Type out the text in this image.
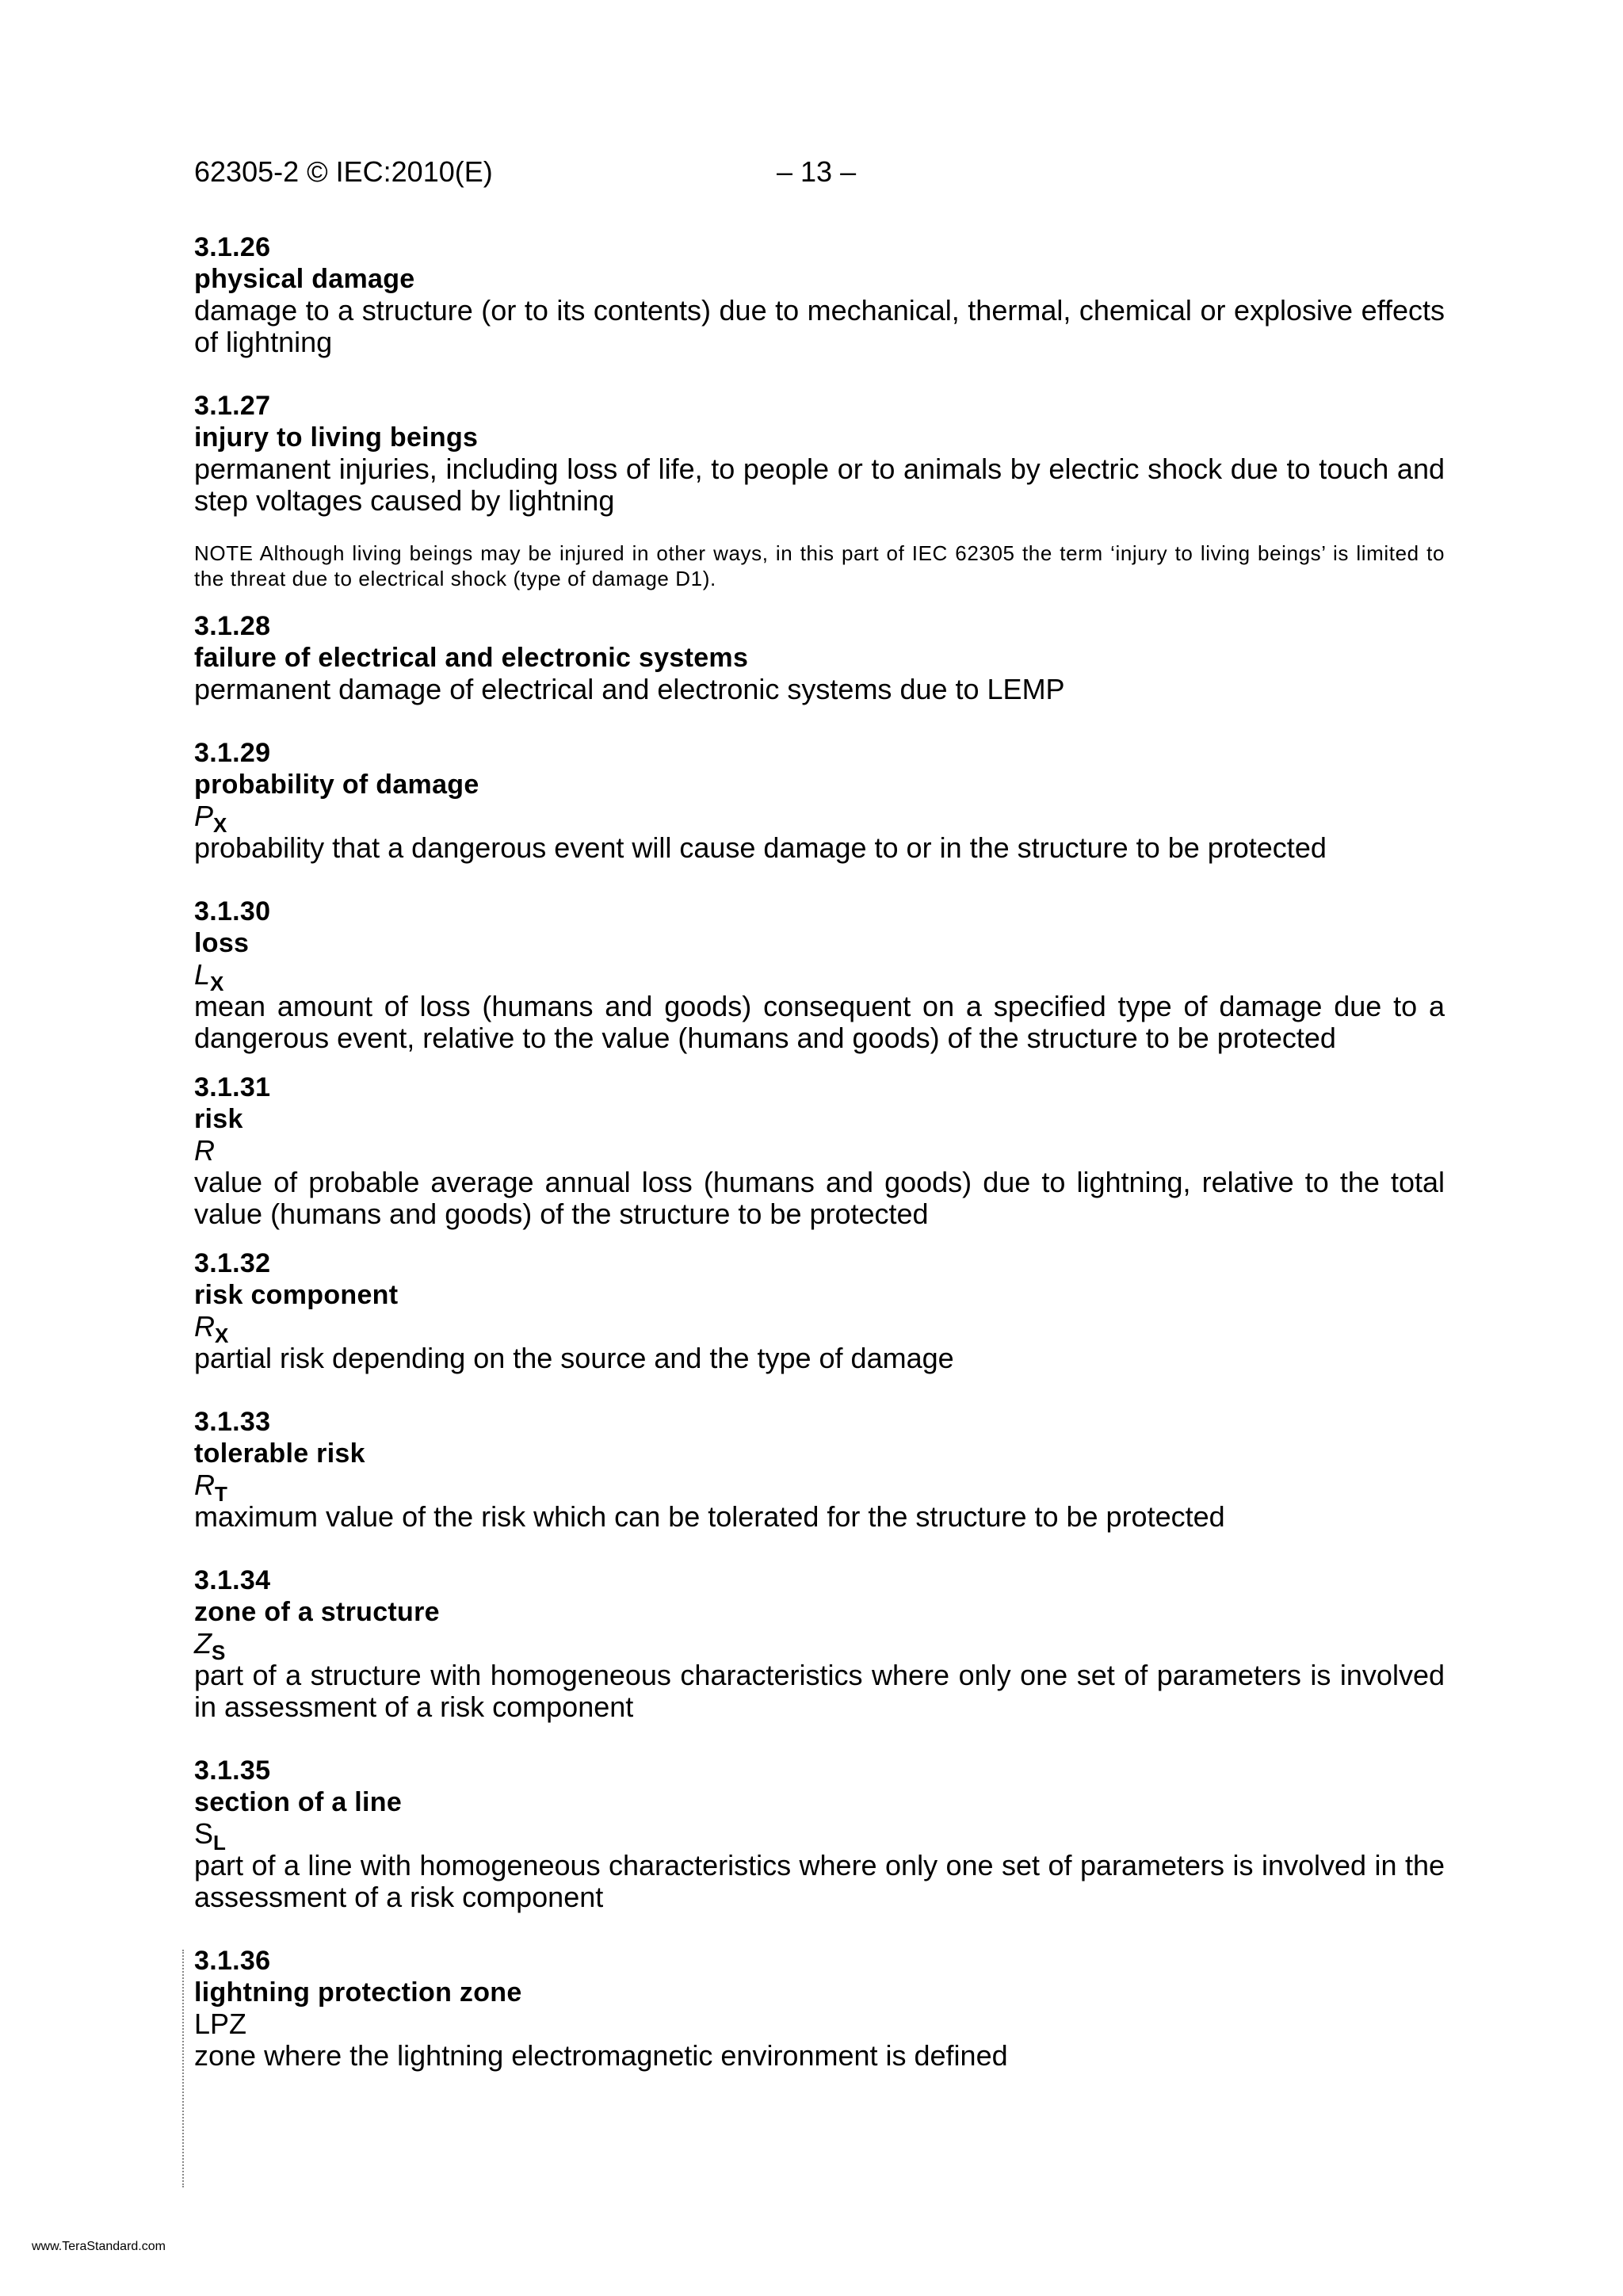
62305-2 © IEC:2010(E)	– 13 –
3.1.26
physical damage
damage to a structure (or to its contents) due to mechanical, thermal, chemical or explosive effects of lightning
3.1.27
injury to living beings
permanent injuries, including loss of life, to people or to animals by electric shock due to touch and step voltages caused by lightning
NOTE Although living beings may be injured in other ways, in this part of IEC 62305 the term ‘injury to living beings’ is limited to the threat due to electrical shock (type of damage D1).
3.1.28
failure of electrical and electronic systems
permanent damage of electrical and electronic systems due to LEMP
3.1.29
probability of damage
$P_X$
probability that a dangerous event will cause damage to or in the structure to be protected
3.1.30
loss
$L_X$
mean amount of loss (humans and goods) consequent on a specified type of damage due to a dangerous event, relative to the value (humans and goods) of the structure to be protected
3.1.31
risk
R
value of probable average annual loss (humans and goods) due to lightning, relative to the total value (humans and goods) of the structure to be protected
3.1.32
risk component
$R_X$
partial risk depending on the source and the type of damage
3.1.33
tolerable risk
$R_T$
maximum value of the risk which can be tolerated for the structure to be protected
3.1.34
zone of a structure
$Z_S$
part of a structure with homogeneous characteristics where only one set of parameters is involved in assessment of a risk component
3.1.35
section of a line
$S_L$
part of a line with homogeneous characteristics where only one set of parameters is involved in the assessment of a risk component
3.1.36
lightning protection zone
LPZ
zone where the lightning electromagnetic environment is defined
www.TeraStandard.com
